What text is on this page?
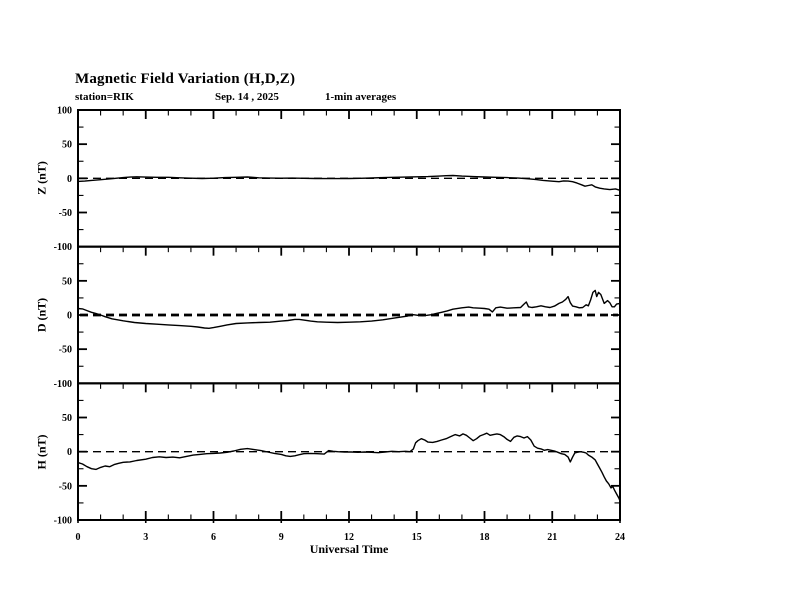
Magnetic Field Variation (H,D,Z)
station=RIK	Sep. 14 , 2025	1-min averages
Z (nT)
D (nT)
H (nT)
Universal Time
100
50
0
-50
-100
50
0
-50
-100
50
0
-50
-100
0	3	6	9	12	15	18	21	24
